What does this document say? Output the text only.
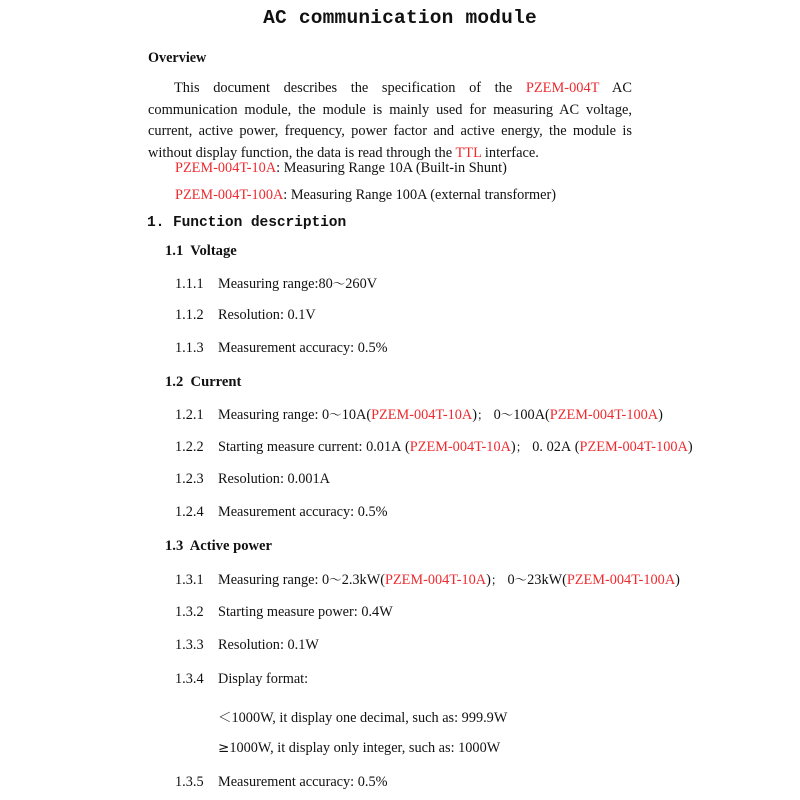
AC communication module
Overview
This document describes the specification of the PZEM-004T AC communication module, the module is mainly used for measuring AC voltage, current, active power, frequency, power factor and active energy, the module is without display function, the data is read through the TTL interface.
PZEM-004T-10A: Measuring Range 10A (Built-in Shunt)
PZEM-004T-100A: Measuring Range 100A (external transformer)
1. Function description
1.1  Voltage
1.1.1 Measuring range:80～260V
1.1.2 Resolution: 0.1V
1.1.3 Measurement accuracy: 0.5%
1.2  Current
1.2.1 Measuring range: 0～10A(PZEM-004T-10A)； 0～100A(PZEM-004T-100A)
1.2.2 Starting measure current: 0.01A (PZEM-004T-10A)； 0. 02A (PZEM-004T-100A)
1.2.3 Resolution: 0.001A
1.2.4 Measurement accuracy: 0.5%
1.3  Active power
1.3.1 Measuring range: 0～2.3kW(PZEM-004T-10A)； 0～23kW(PZEM-004T-100A)
1.3.2 Starting measure power: 0.4W
1.3.3 Resolution: 0.1W
1.3.4 Display format:
＜1000W, it display one decimal, such as: 999.9W
≥1000W, it display only integer, such as: 1000W
1.3.5 Measurement accuracy: 0.5%
